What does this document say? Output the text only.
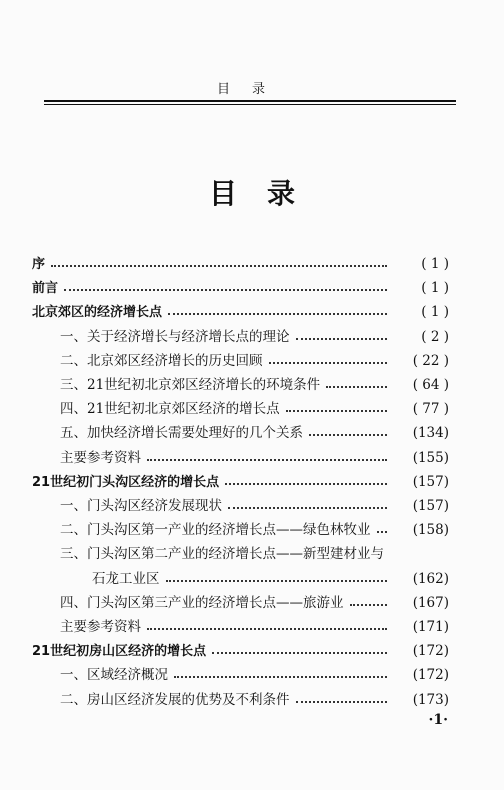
目录
目录
序	( 1 )
前言	( 1 )
北京郊区的经济增长点	( 1 )
一、关于经济增长与经济增长点的理论	( 2 )
二、北京郊区经济增长的历史回顾	( 22 )
三、21世纪初北京郊区经济增长的环境条件	( 64 )
四、21世纪初北京郊区经济的增长点	( 77 )
五、加快经济增长需要处理好的几个关系	(134)
主要参考资料	(155)
21世纪初门头沟区经济的增长点	(157)
一、门头沟区经济发展现状	(157)
二、门头沟区第一产业的经济增长点——绿色林牧业	(158)
三、门头沟区第二产业的经济增长点——新型建材业与
石龙工业区	(162)
四、门头沟区第三产业的经济增长点——旅游业	(167)
主要参考资料	(171)
21世纪初房山区经济的增长点	(172)
一、区域经济概况	(172)
二、房山区经济发展的优势及不利条件	(173)
·1·
